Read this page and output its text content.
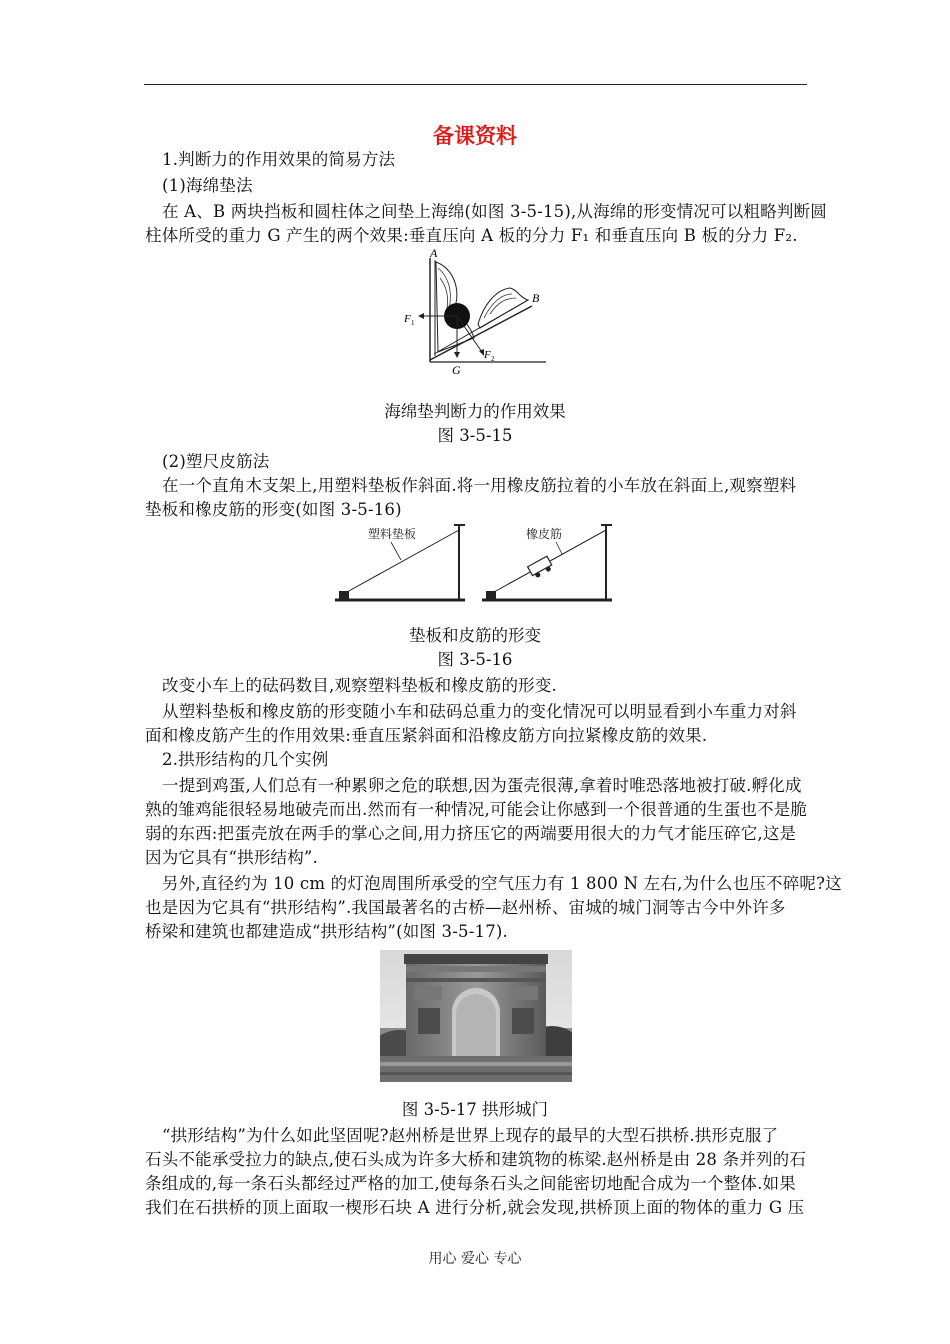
备课资料
1.判断力的作用效果的简易方法
(1)海绵垫法
在 A、B 两块挡板和圆柱体之间垫上海绵(如图 3-5-15),从海绵的形变情况可以粗略判断圆
柱体所受的重力 G 产生的两个效果:垂直压向 A 板的分力 F₁ 和垂直压向 B 板的分力 F₂.
A
B
F 1
F 2
G
海绵垫判断力的作用效果
图 3-5-15
(2)塑尺皮筋法
在一个直角木支架上,用塑料垫板作斜面.将一用橡皮筋拉着的小车放在斜面上,观察塑料
垫板和橡皮筋的形变(如图 3-5-16)
塑料垫板	橡皮筋
垫板和皮筋的形变
图 3-5-16
改变小车上的砝码数目,观察塑料垫板和橡皮筋的形变.
从塑料垫板和橡皮筋的形变随小车和砝码总重力的变化情况可以明显看到小车重力对斜
面和橡皮筋产生的作用效果:垂直压紧斜面和沿橡皮筋方向拉紧橡皮筋的效果.
2.拱形结构的几个实例
一提到鸡蛋,人们总有一种累卵之危的联想,因为蛋壳很薄,拿着时唯恐落地被打破.孵化成
熟的雏鸡能很轻易地破壳而出.然而有一种情况,可能会让你感到一个很普通的生蛋也不是脆
弱的东西:把蛋壳放在两手的掌心之间,用力挤压它的两端要用很大的力气才能压碎它,这是
因为它具有“拱形结构”.
另外,直径约为 10 cm 的灯泡周围所承受的空气压力有 1 800 N 左右,为什么也压不碎呢?这
也是因为它具有“拱形结构”.我国最著名的古桥—赵州桥、宙城的城门洞等古今中外许多
桥梁和建筑也都建造成“拱形结构”(如图 3-5-17).
图 3-5-17 拱形城门
“拱形结构”为什么如此坚固呢?赵州桥是世界上现存的最早的大型石拱桥.拱形克服了
石头不能承受拉力的缺点,使石头成为许多大桥和建筑物的栋梁.赵州桥是由 28 条并列的石
条组成的,每一条石头都经过严格的加工,使每条石头之间能密切地配合成为一个整体.如果
我们在石拱桥的顶上面取一楔形石块 A 进行分析,就会发现,拱桥顶上面的物体的重力 G 压
用心 爱心 专心
